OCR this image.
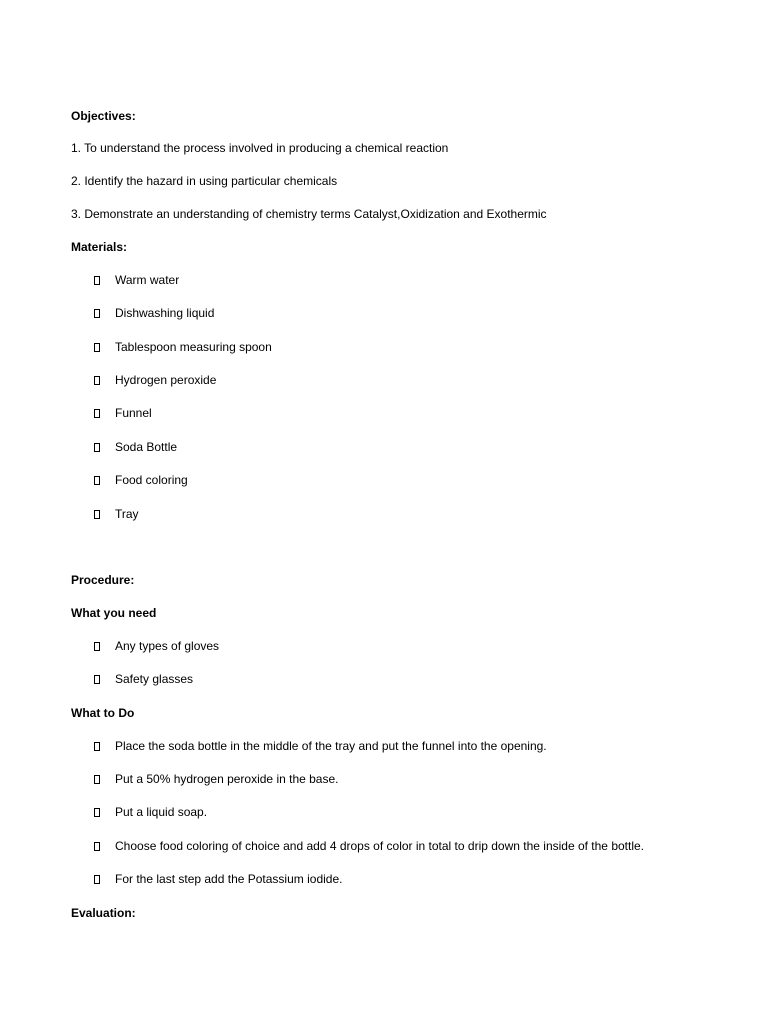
Objectives:
1. To understand the process involved in producing a chemical reaction
2. Identify the hazard in using particular chemicals
3. Demonstrate an understanding of chemistry terms Catalyst,Oxidization and Exothermic
Materials:
Warm water
Dishwashing liquid
Tablespoon measuring spoon
Hydrogen peroxide
Funnel
Soda Bottle
Food coloring
Tray
Procedure:
What you need
Any types of gloves
Safety glasses
What to Do
Place the soda bottle in the middle of the tray and put the funnel into the opening.
Put a 50% hydrogen peroxide in the base.
Put a liquid soap.
Choose food coloring of choice and add 4 drops of color in total to drip down the inside of the bottle.
For the last step add the Potassium iodide.
Evaluation:
